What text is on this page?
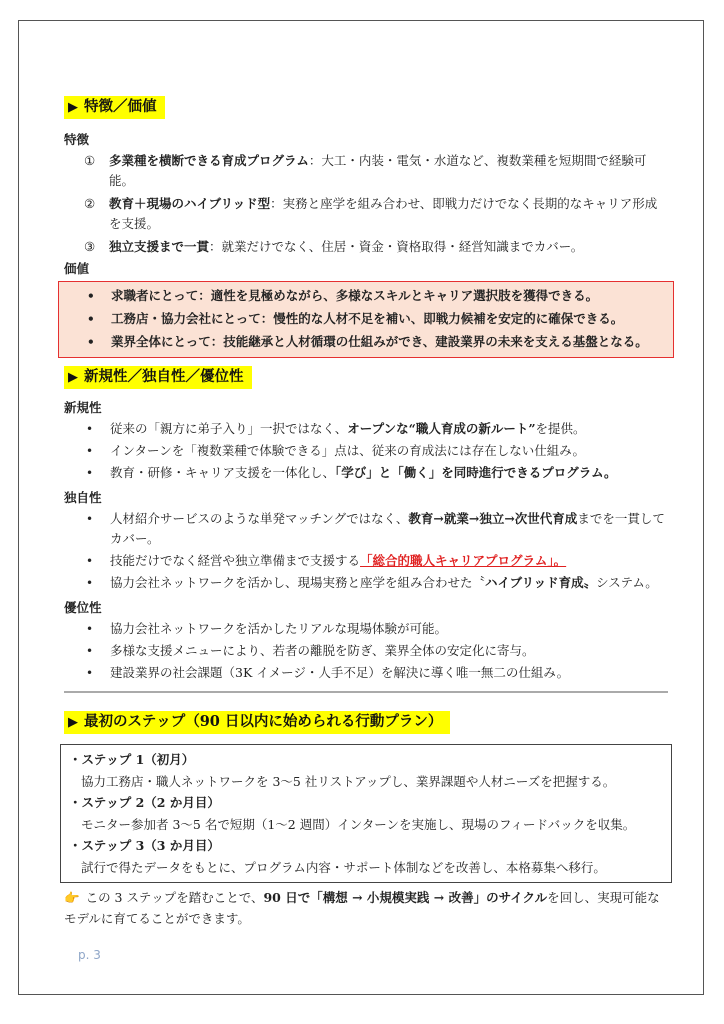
▶ 特徴／価値
特徴
① 多業種を横断できる育成プログラム：大工・内装・電気・水道など、複数業種を短期間で経験可能。
② 教育＋現場のハイブリッド型：実務と座学を組み合わせ、即戦力だけでなく長期的なキャリア形成を支援。
③ 独立支援まで一貫：就業だけでなく、住居・資金・資格取得・経営知識までカバー。
価値
• 求職者にとって：適性を見極めながら、多様なスキルとキャリア選択肢を獲得できる。
• 工務店・協力会社にとって：慢性的な人材不足を補い、即戦力候補を安定的に確保できる。
• 業界全体にとって：技能継承と人材循環の仕組みができ、建設業界の未来を支える基盤となる。
▶ 新規性／独自性／優位性
新規性
• 従来の「親方に弟子入り」一択ではなく、オープンな“職人育成の新ルート”を提供。
• インターンを「複数業種で体験できる」点は、従来の育成法には存在しない仕組み。
• 教育・研修・キャリア支援を一体化し、「学び」と「働く」を同時進行できるプログラム。
独自性
• 人材紹介サービスのような単発マッチングではなく、教育→就業→独立→次世代育成までを一貫してカバー。
• 技能だけでなく経営や独立準備まで支援する「総合的職人キャリアプログラム」。
• 協力会社ネットワークを活かし、現場実務と座学を組み合わせた〝ハイブリッド育成〟システム。
優位性
• 協力会社ネットワークを活かしたリアルな現場体験が可能。
• 多様な支援メニューにより、若者の離脱を防ぎ、業界全体の安定化に寄与。
• 建設業界の社会課題（3K イメージ・人手不足）を解決に導く唯一無二の仕組み。
▶ 最初のステップ（90 日以内に始められる行動プラン）
・ステップ 1（初月）
協力工務店・職人ネットワークを 3〜5 社リストアップし、業界課題や人材ニーズを把握する。
・ステップ 2（2 か月目）
モニター参加者 3〜5 名で短期（1〜2 週間）インターンを実施し、現場のフィードバックを収集。
・ステップ 3（3 か月目）
試行で得たデータをもとに、プログラム内容・サポート体制などを改善し、本格募集へ移行。
👉 この 3 ステップを踏むことで、90 日で「構想 → 小規模実践 → 改善」のサイクルを回し、実現可能なモデルに育てることができます。
p. 3
